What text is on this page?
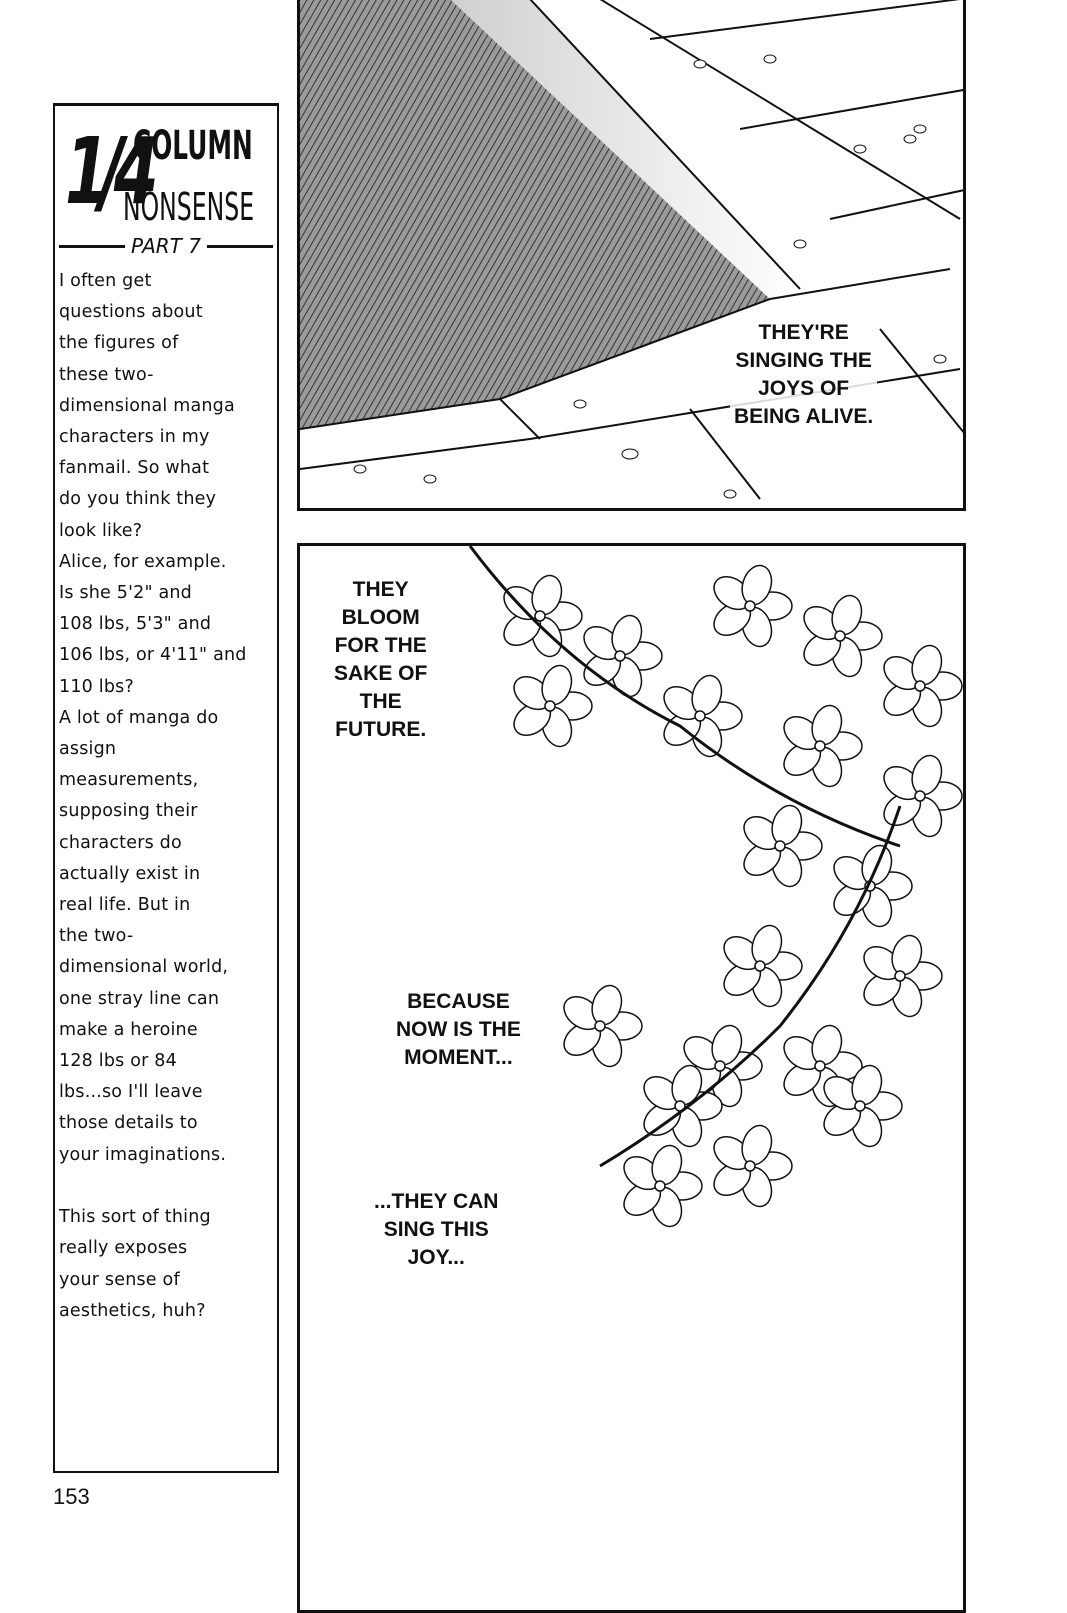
1/4
COLUMN
NONSENSE
PART 7
I often get
questions about
the figures of
these two-
dimensional manga
characters in my
fanmail. So what
do you think they
look like?
Alice, for example.
Is she 5'2" and
108 lbs, 5'3" and
106 lbs, or 4'11" and
110 lbs?
A lot of manga do
assign
measurements,
supposing their
characters do
actually exist in
real life. But in
the two-
dimensional world,
one stray line can
make a heroine
128 lbs or 84
lbs...so I'll leave
those details to
your imaginations.

This sort of thing
really exposes
your sense of
aesthetics, huh?
153
THEY'RE
SINGING THE
JOYS OF
BEING ALIVE.
THEY
BLOOM
FOR THE
SAKE OF
THE
FUTURE.
BECAUSE
NOW IS THE
MOMENT...
...THEY CAN
SING THIS
JOY...
